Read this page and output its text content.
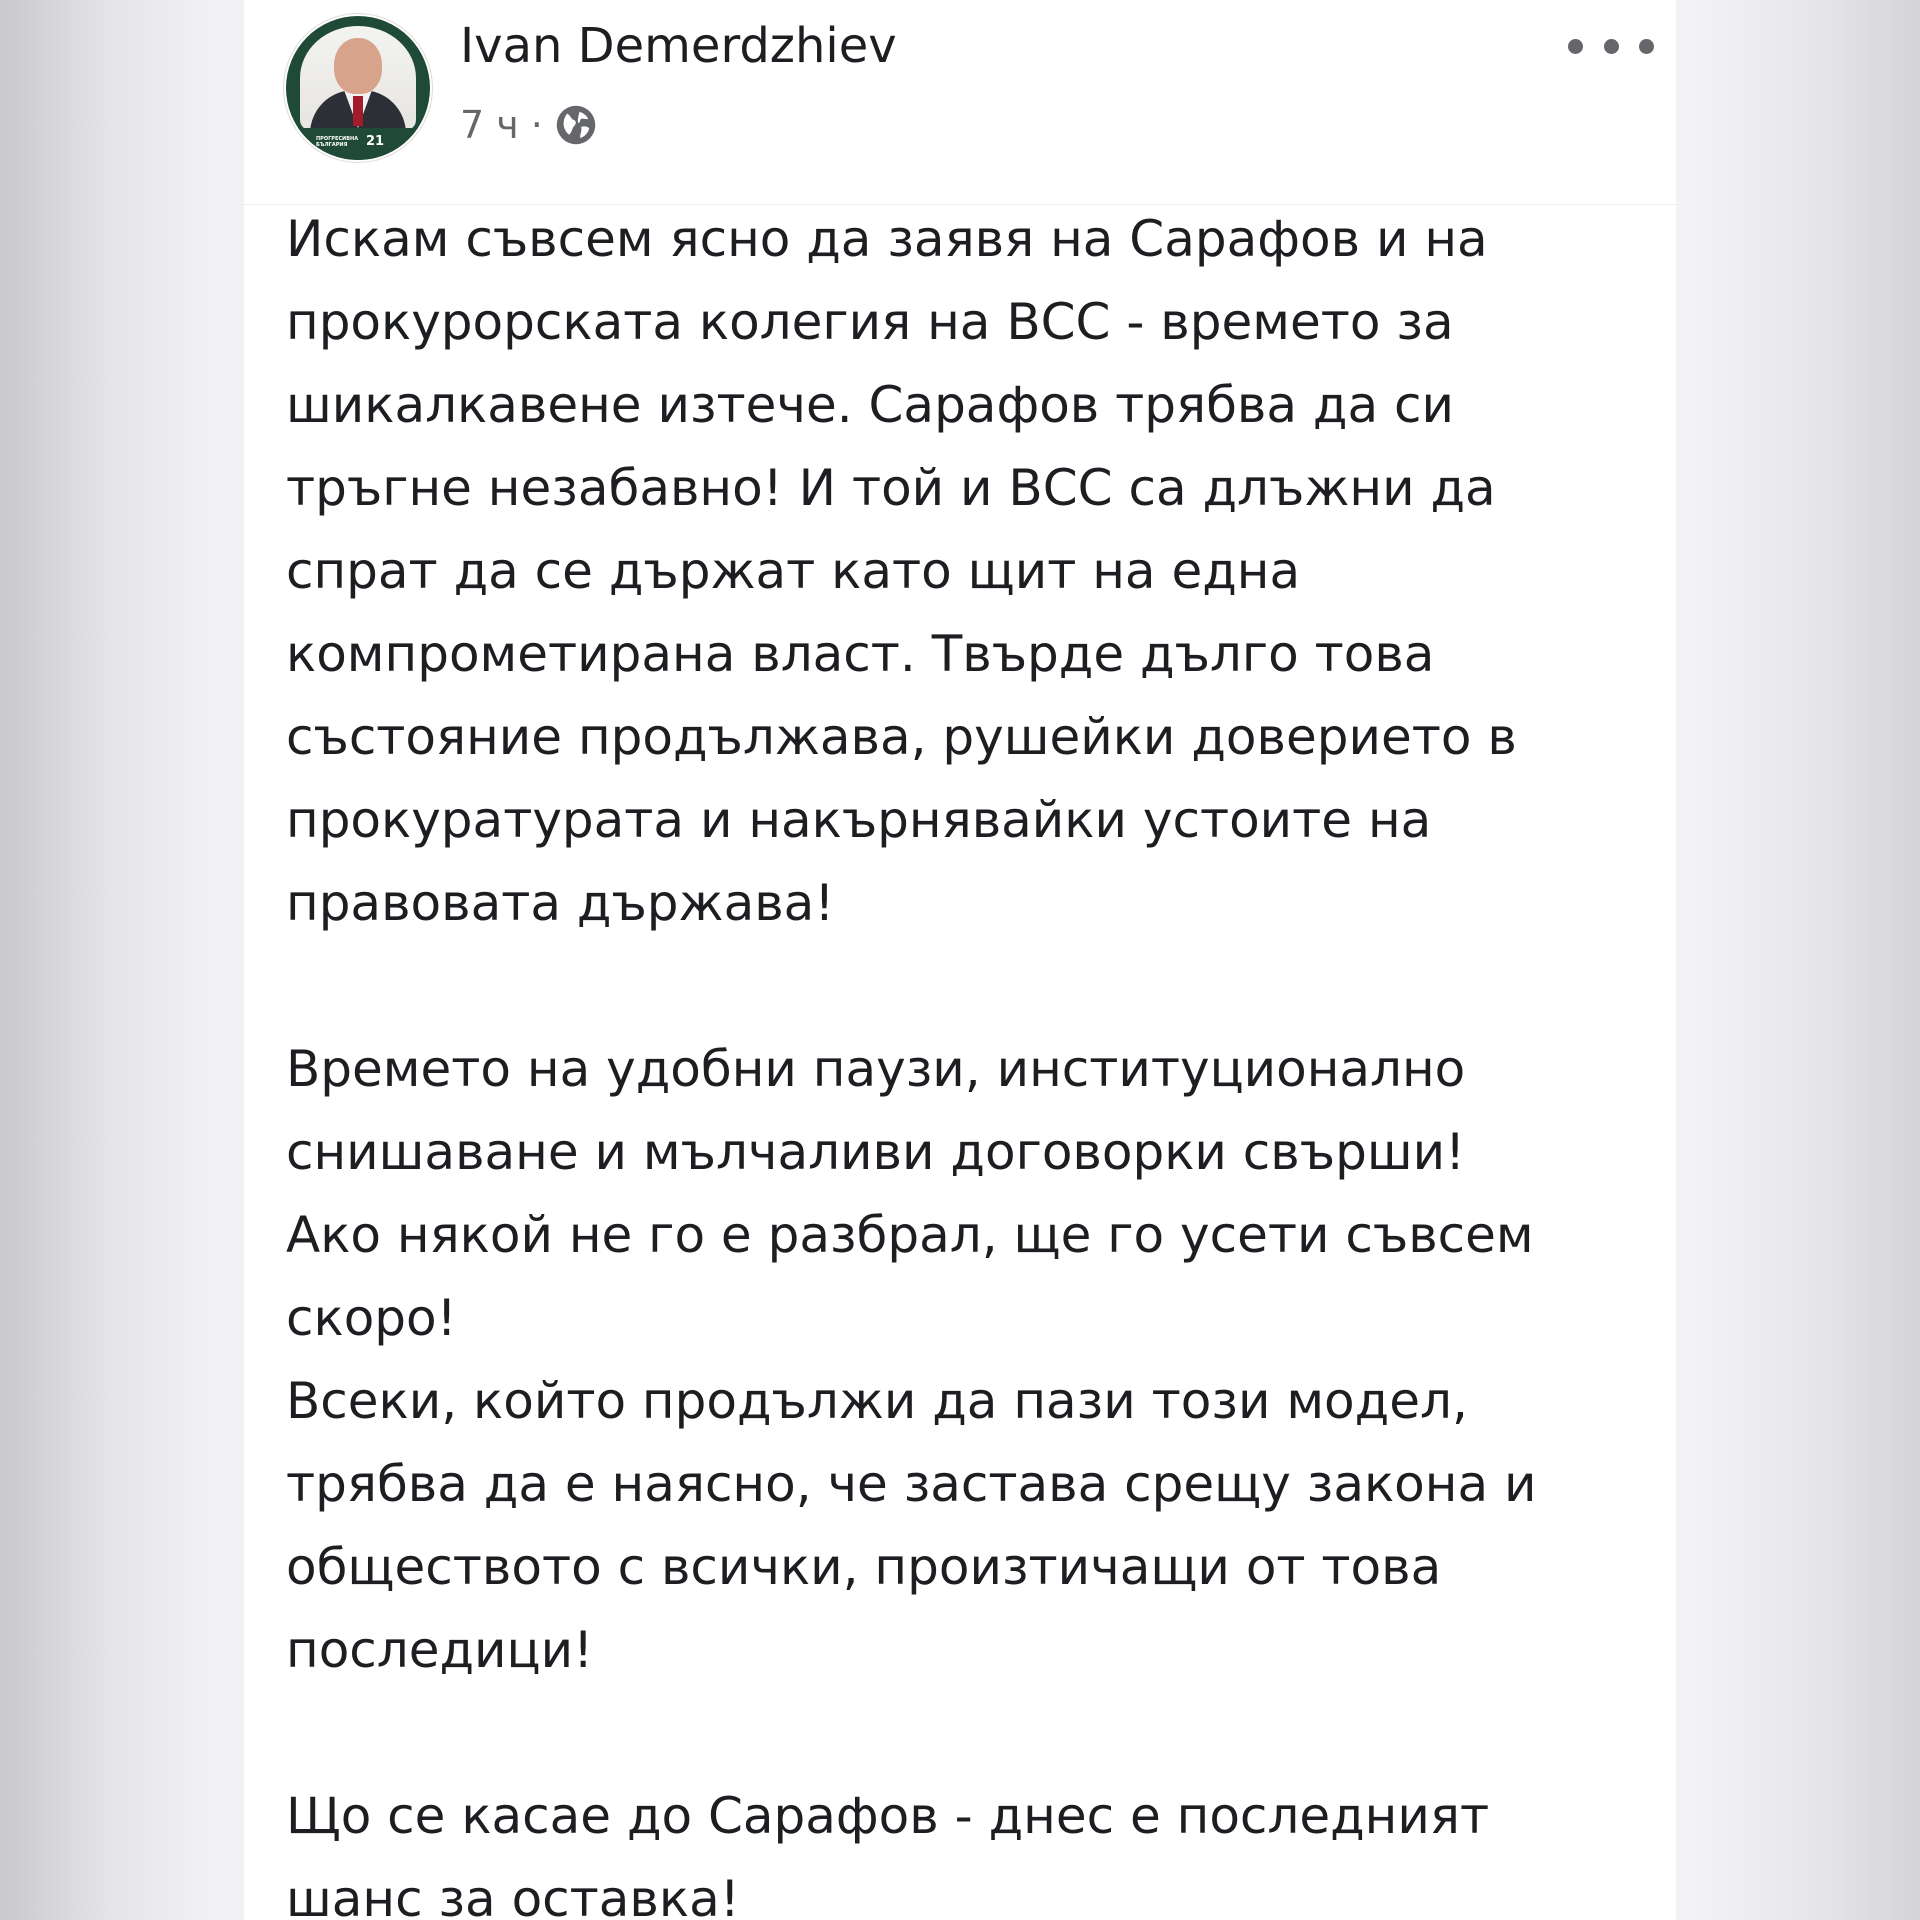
ПРОГРЕСИВНА
БЪЛГАРИЯ	21
Ivan Demerdzhiev
7 ч ·

Искам съвсем ясно да заявя на Сарафов и на

прокурорската колегия на ВСС - времето за

шикалкавене изтече. Сарафов трябва да си

тръгне незабавно! И той и ВСС са длъжни да

спрат да се държат като щит на една

компрометирана власт. Твърде дълго това

състояние продължава, рушейки доверието в

прокуратурата и накърнявайки устоите на

правовата държава!

Времето на удобни паузи, институционално

снишаване и мълчаливи договорки свърши!

Ако някой не го е разбрал, ще го усети съвсем

скоро!

Всеки, който продължи да пази този модел,

трябва да е наясно, че застава срещу закона и

обществото с всички, произтичащи от това

последици!

Що се касае до Сарафов - днес е последният

шанс за оставка!
